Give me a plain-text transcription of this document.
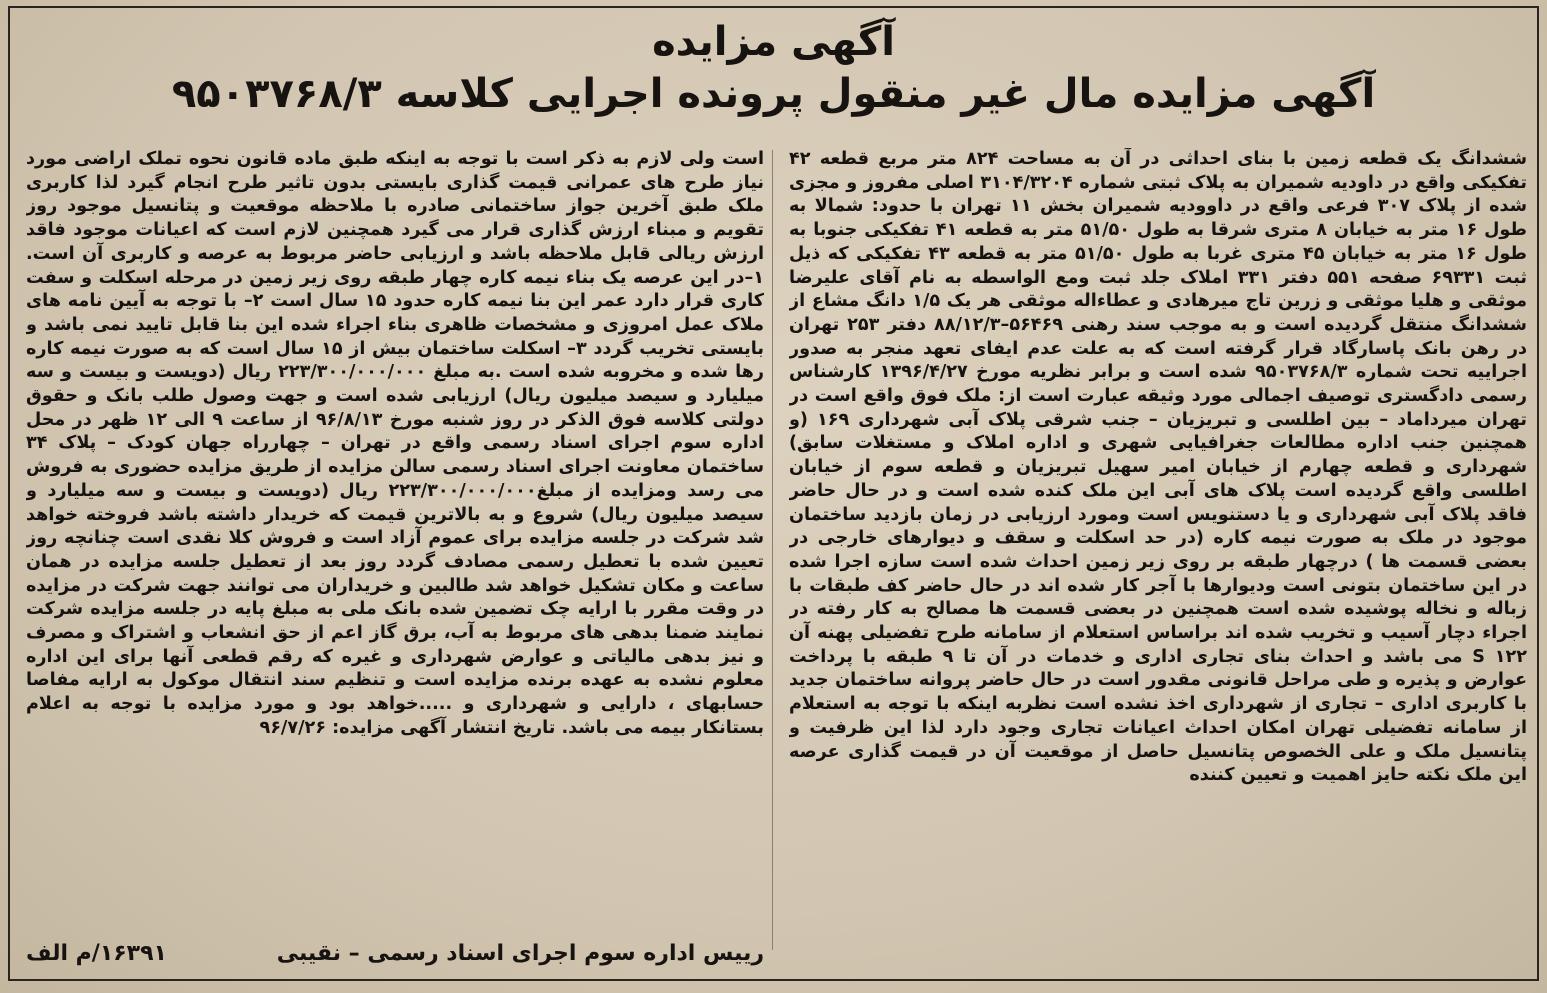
آگهی مزایده
آگهی مزایده مال غیر منقول پرونده اجرایی کلاسه ۹۵۰۳۷۶۸/۳
ششدانگ یک قطعه زمین با بنای احداثی در آن به مساحت ۸۲۴ متر مربع قطعه ۴۲ تفکیکی واقع در داودیه شمیران به پلاک ثبتی شماره ۳۱۰۴/۳۲۰۴ اصلی مفروز و مجزی شده از پلاک ۳۰۷ فرعی واقع در داوودیه شمیران بخش ۱۱ تهران با حدود: شمالا به طول ۱۶ متر به خیابان ۸ متری شرقا به طول ۵۱/۵۰ متر به قطعه ۴۱ تفکیکی جنوبا به طول ۱۶ متر به خیابان ۴۵ متری غربا به طول ۵۱/۵۰ متر به قطعه ۴۳ تفکیکی که ذیل ثبت ۶۹۳۳۱ صفحه ۵۵۱ دفتر ۳۳۱ املاک جلد ثبت ومع الواسطه به نام آقای علیرضا موثقی و هلیا موثقی و زرین تاج میرهادی و عطاءاله موثقی هر یک ۱/۵ دانگ مشاع از ششدانگ منتقل گردیده است و به موجب سند رهنی ۵۶۴۶۹–۸۸/۱۲/۳ دفتر ۲۵۳ تهران در رهن بانک پاسارگاد قرار گرفته است که به علت عدم ایفای تعهد منجر به صدور اجراییه تحت شماره ۹۵۰۳۷۶۸/۳ شده است و برابر نظریه مورخ ۱۳۹۶/۴/۲۷ کارشناس رسمی دادگستری توصیف اجمالی مورد وثیقه عبارت است از: ملک فوق واقع است در تهران میرداماد – بین اطلسی و تبریزیان – جنب شرقی پلاک آبی شهرداری ۱۶۹ (و همچنین جنب اداره مطالعات جغرافیایی شهری و اداره املاک و مستغلات سابق) شهرداری و قطعه چهارم از خیابان امیر سهیل تبریزیان و قطعه سوم از خیابان اطلسی واقع گردیده است پلاک های آبی این ملک کنده شده است و در حال حاضر فاقد پلاک آبی شهرداری و یا دستنویس است ومورد ارزیابی در زمان بازدید ساختمان موجود در ملک به صورت نیمه کاره (در حد اسکلت و سقف و دیوارهای خارجی در بعضی قسمت ها ) درچهار طبقه بر روی زیر زمین احداث شده است سازه اجرا شده در این ساختمان بتونی است ودیوارها با آجر کار شده اند در حال حاضر کف طبقات با زباله و نخاله پوشیده شده است همچنین در بعضی قسمت ها مصالح به کار رفته در اجراء دچار آسیب و تخریب شده اند براساس استعلام از سامانه طرح تفضیلی پهنه آن S ۱۲۲ می باشد و احداث بنای تجاری اداری و خدمات در آن تا ۹ طبقه با پرداخت عوارض و پذیره و طی مراحل قانونی مقدور است در حال حاضر پروانه ساختمان جدید با کاربری اداری – تجاری از شهرداری اخذ نشده است نظربه اینکه با توجه به استعلام از سامانه تفضیلی تهران امکان احداث اعیانات تجاری وجود دارد لذا این ظرفیت و پتانسیل ملک و علی الخصوص پتانسیل حاصل از موقعیت آن در قیمت گذاری عرصه این ملک نکته حایز اهمیت و تعیین کننده
است ولی لازم به ذکر است با توجه به اینکه طبق ماده قانون نحوه تملک اراضی مورد نیاز طرح های عمرانی قیمت گذاری بایستی بدون تاثیر طرح انجام گیرد لذا کاربری ملک طبق آخرین جواز ساختمانی صادره با ملاحظه موقعیت و پتانسیل موجود روز تقویم و مبناء ارزش گذاری قرار می گیرد همچنین لازم است که اعیانات موجود فاقد ارزش ریالی قابل ملاحظه باشد و ارزیابی حاضر مربوط به عرصه و کاربری آن است. ۱–در این عرصه یک بناء نیمه کاره چهار طبقه روی زیر زمین در مرحله اسکلت و سفت کاری قرار دارد عمر این بنا نیمه کاره حدود ۱۵ سال است ۲– با توجه به آیین نامه های ملاک عمل امروزی و مشخصات ظاهری بناء اجراء شده این بنا قابل تایید نمی باشد و بایستی تخریب گردد ۳– اسکلت ساختمان بیش از ۱۵ سال است که به صورت نیمه کاره رها شده و مخروبه شده است .به مبلغ ۲۲۳/۳۰۰/۰۰۰/۰۰۰ ریال (دویست و بیست و سه میلیارد و سیصد میلیون ریال) ارزیابی شده است و جهت وصول طلب بانک و حقوق دولتی کلاسه فوق الذکر در روز شنبه مورخ ۹۶/۸/۱۳ از ساعت ۹ الی ۱۲ ظهر در محل اداره سوم اجرای اسناد رسمی واقع در تهران – چهارراه جهان کودک – پلاک ۳۴ ساختمان معاونت اجرای اسناد رسمی سالن مزایده از طریق مزایده حضوری به فروش می رسد ومزایده از مبلغ۲۲۳/۳۰۰/۰۰۰/۰۰۰ ریال (دویست و بیست و سه میلیارد و سیصد میلیون ریال) شروع و به بالاترین قیمت که خریدار داشته باشد فروخته خواهد شد شرکت در جلسه مزایده برای عموم آزاد است و فروش کلا نقدی است چنانچه روز تعیین شده با تعطیل رسمی مصادف گردد روز بعد از تعطیل جلسه مزایده در همان ساعت و مکان تشکیل خواهد شد طالبین و خریداران می توانند جهت شرکت در مزایده در وقت مقرر با ارایه چک تضمین شده بانک ملی به مبلغ پایه در جلسه مزایده شرکت نمایند ضمنا بدهی های مربوط به آب، برق گاز اعم از حق انشعاب و اشتراک و مصرف و نیز بدهی مالیاتی و عوارض شهرداری و غیره که رقم قطعی آنها برای این اداره معلوم نشده به عهده برنده مزایده است و تنظیم سند انتقال موکول به ارایه مفاصا حسابهای ، دارایی و شهرداری و .....خواهد بود و مورد مزایده با توجه به اعلام بستانکار بیمه می باشد. تاریخ انتشار آگهی مزایده: ۹۶/۷/۲۶
رییس اداره سوم اجرای اسناد رسمی – نقیبی
۱۶۳۹۱/م الف
